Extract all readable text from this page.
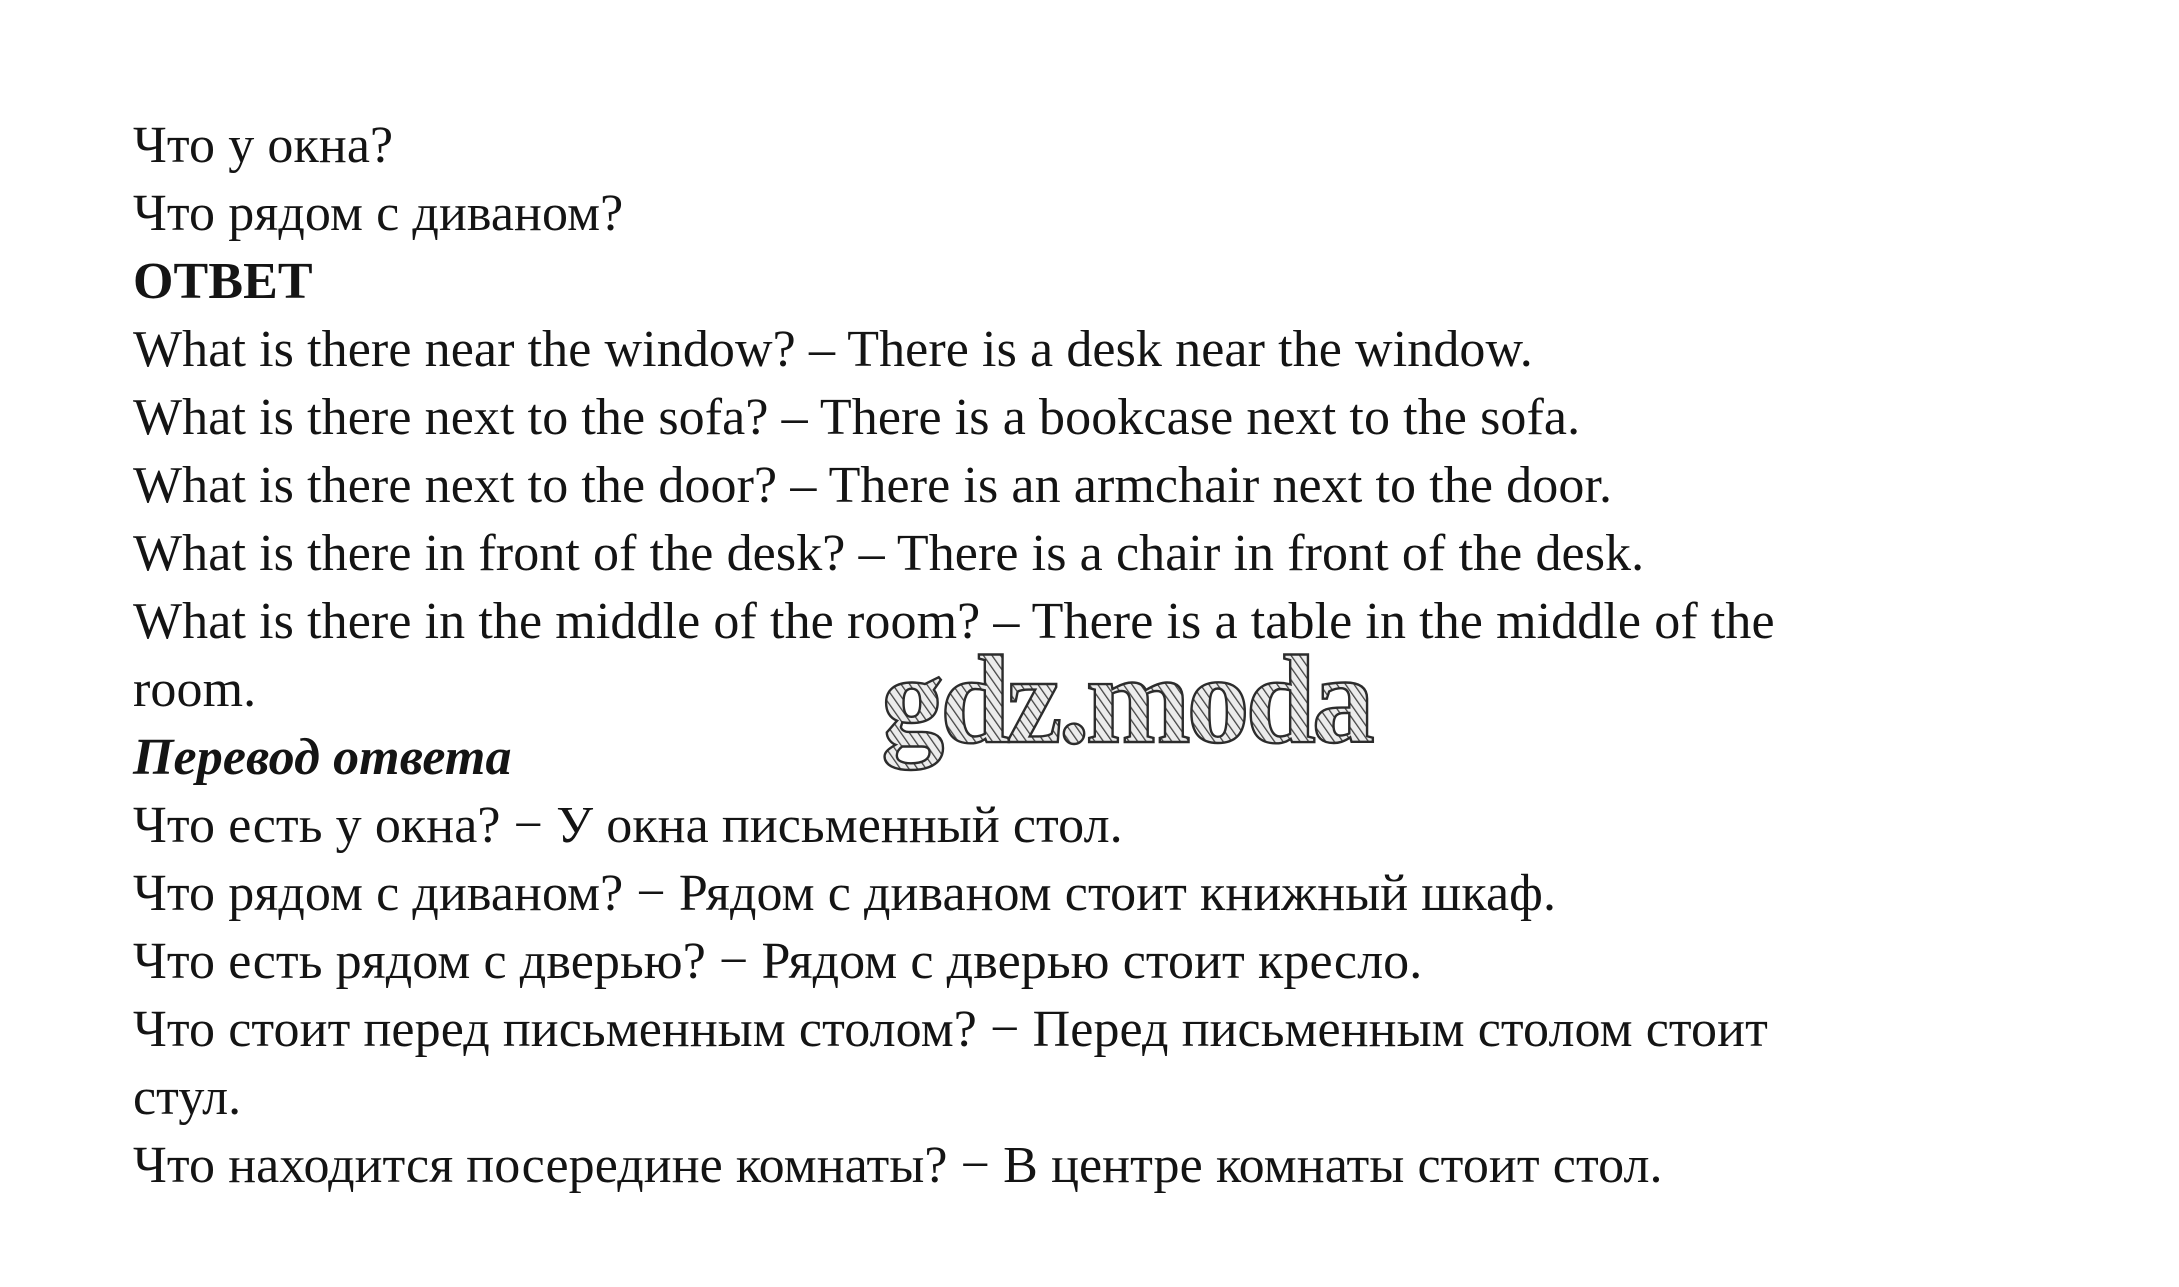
Что у окна?
Что рядом с диваном?
ОТВЕТ
What is there near the window? – There is a desk near the window.
What is there next to the sofa? – There is a bookcase next to the sofa.
What is there next to the door? – There is an armchair next to the door.
What is there in front of the desk? – There is a chair in front of the desk.
What is there in the middle of the room? – There is a table in the middle of the
room.
Перевод ответа
Что есть у окна? − У окна письменный стол.
Что рядом с диваном? − Рядом с диваном стоит книжный шкаф.
Что есть рядом с дверью? − Рядом с дверью стоит кресло.
Что стоит перед письменным столом? − Перед письменным столом стоит
стул.
Что находится посередине комнаты? − В центре комнаты стоит стол.
gdz.moda
